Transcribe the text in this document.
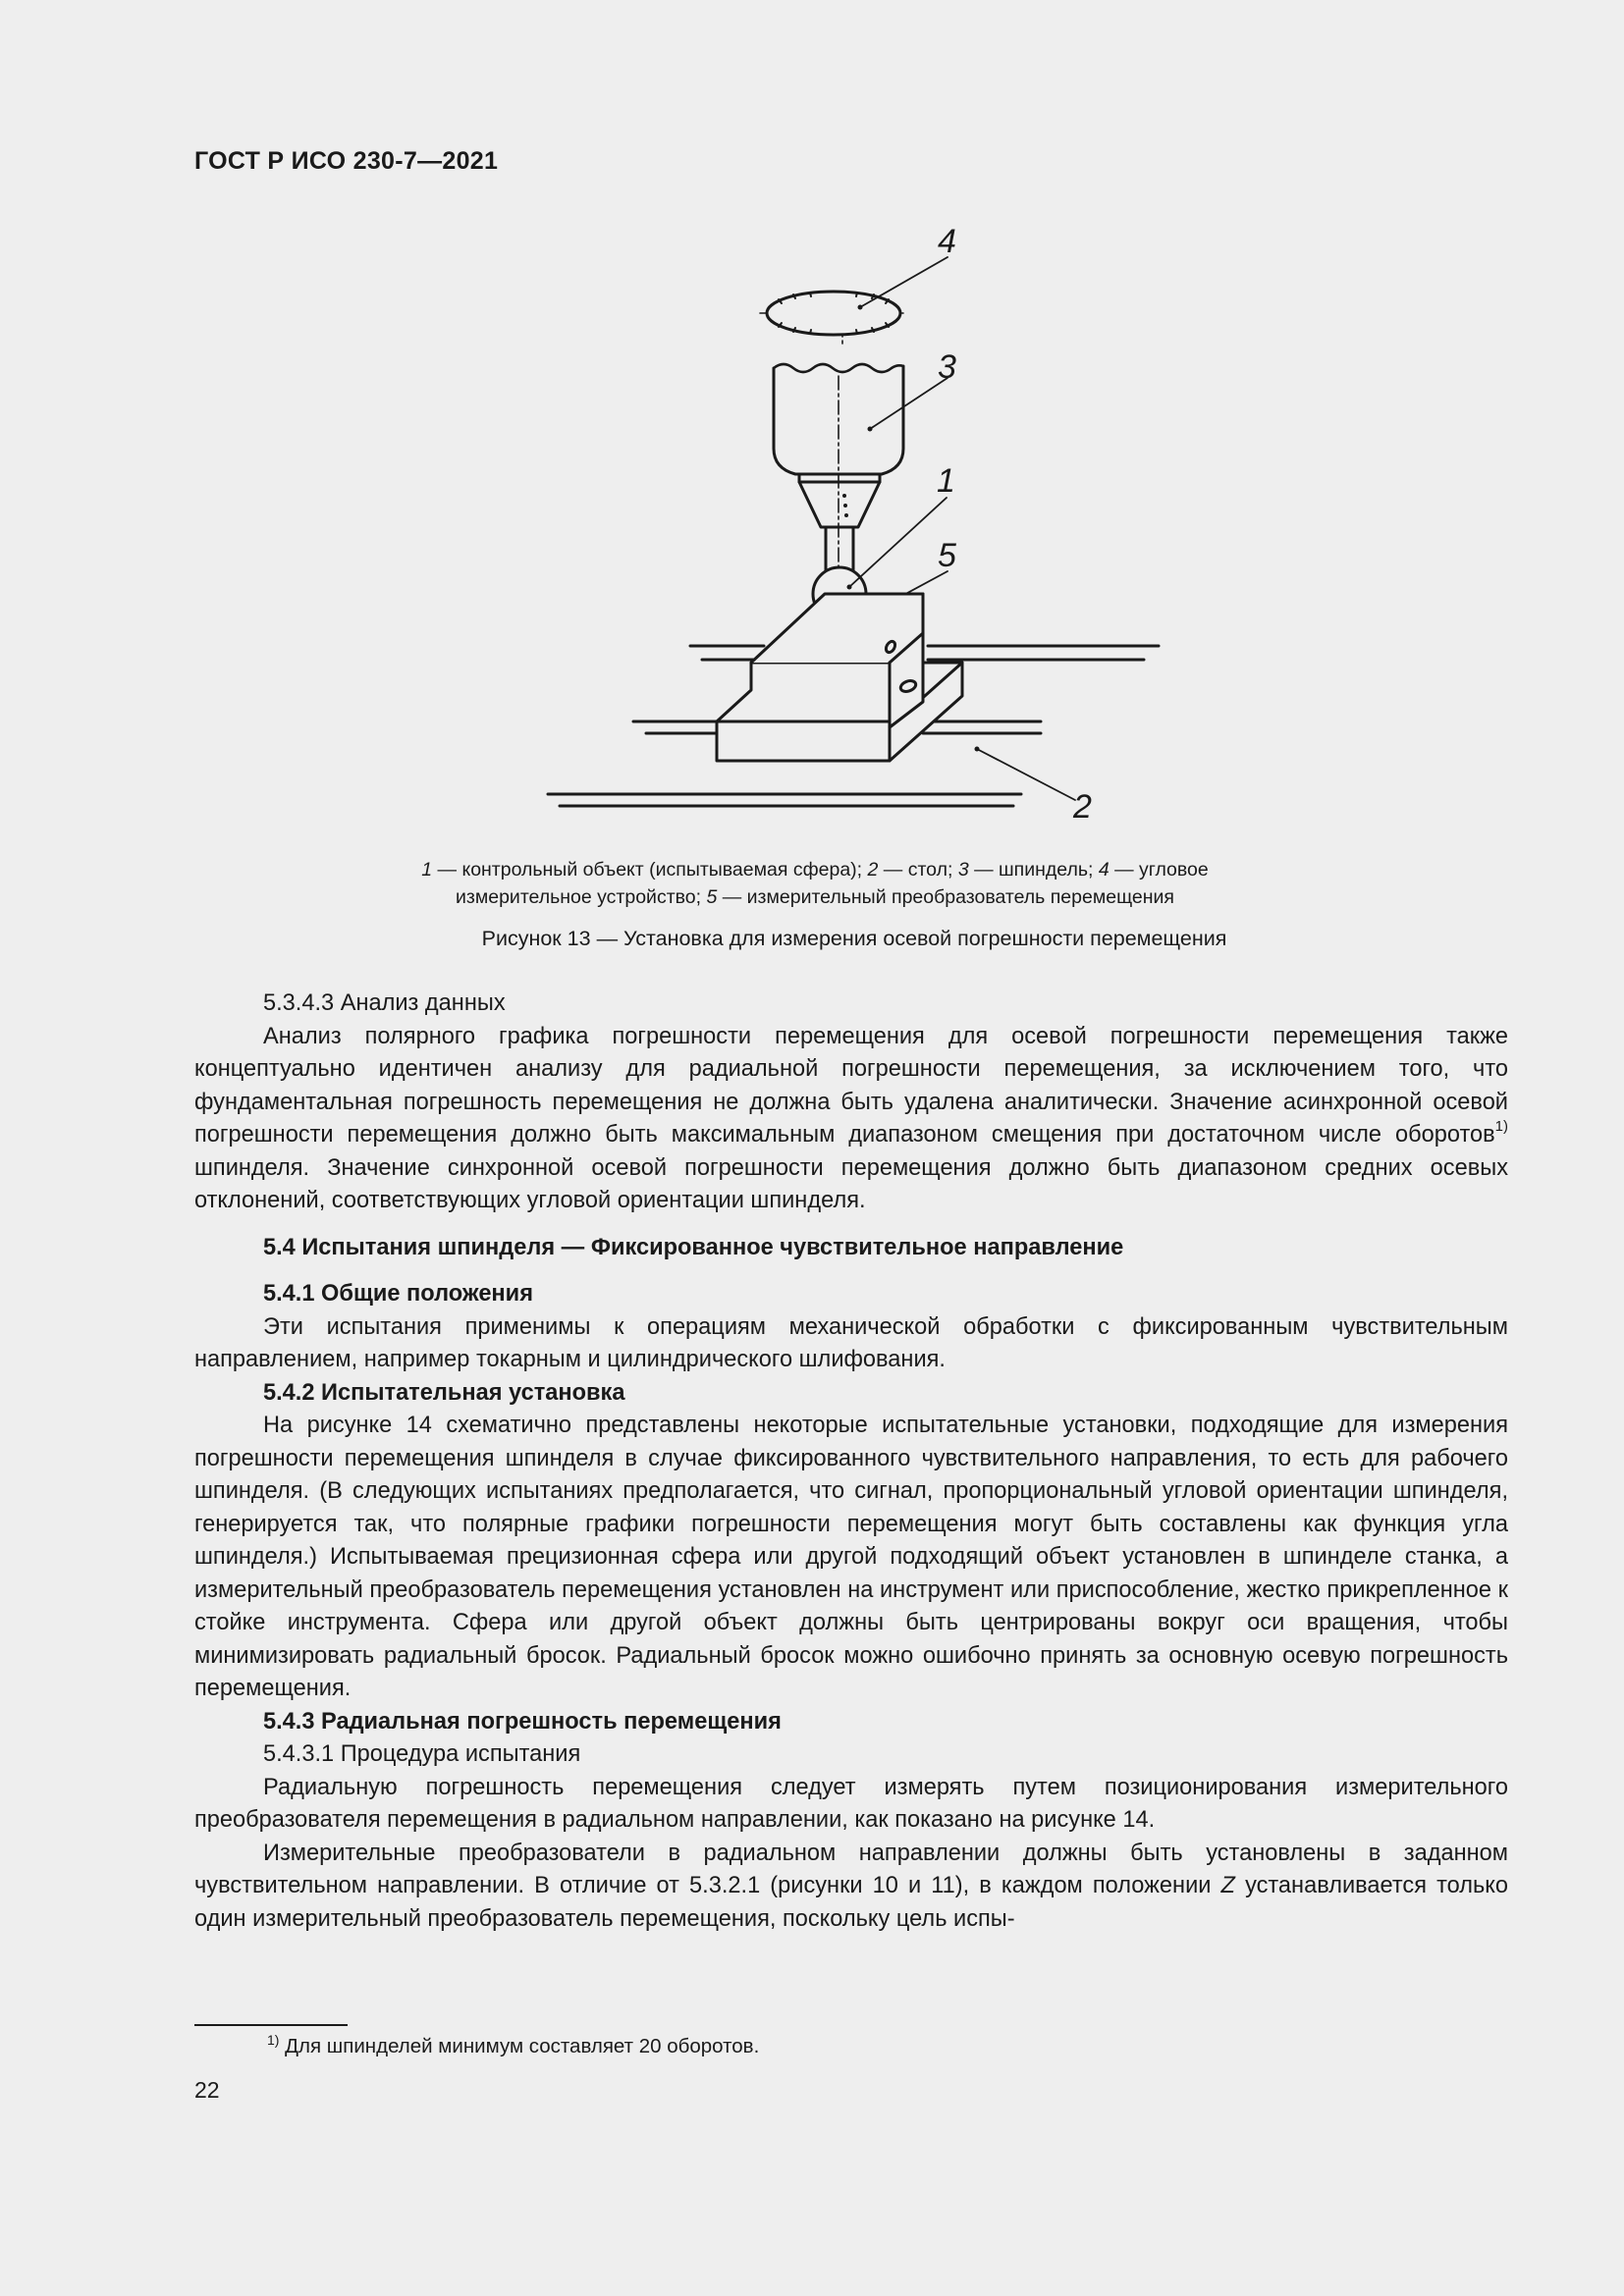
ГОСТ Р ИСО 230-7—2021
4
3
1
5
2
1 — контрольный объект (испытываемая сфера); 2 — стол; 3 — шпиндель; 4 — угловое
измерительное устройство; 5 — измерительный преобразователь перемещения
Рисунок 13 — Установка для измерения осевой погрешности перемещения

5.3.4.3 Анализ данных

Анализ полярного графика погрешности перемещения для осевой погрешности перемещения также концептуально идентичен анализу для радиальной погрешности перемещения, за исключением того, что фундаментальная погрешность перемещения не должна быть удалена аналитически. Значение асинхронной осевой погрешности перемещения должно быть максимальным диапазоном смещения при достаточном числе оборотов$^{1)}$ шпинделя. Значение синхронной осевой погрешности перемещения должно быть диапазоном средних осевых отклонений, соответствующих угловой ориентации шпинделя.

5.4 Испытания шпинделя — Фиксированное чувствительное направление

5.4.1 Общие положения

Эти испытания применимы к операциям механической обработки с фиксированным чувствительным направлением, например токарным и цилиндрического шлифования.

5.4.2 Испытательная установка

На рисунке 14 схематично представлены некоторые испытательные установки, подходящие для измерения погрешности перемещения шпинделя в случае фиксированного чувствительного направления, то есть для рабочего шпинделя. (В следующих испытаниях предполагается, что сигнал, пропорциональный угловой ориентации шпинделя, генерируется так, что полярные графики погрешности перемещения могут быть составлены как функция угла шпинделя.) Испытываемая прецизионная сфера или другой подходящий объект установлен в шпинделе станка, а измерительный преобразователь перемещения установлен на инструмент или приспособление, жестко прикрепленное к стойке инструмента. Сфера или другой объект должны быть центрированы вокруг оси вращения, чтобы минимизировать радиальный бросок. Радиальный бросок можно ошибочно принять за основную осевую погрешность перемещения.

5.4.3 Радиальная погрешность перемещения

5.4.3.1 Процедура испытания

Радиальную погрешность перемещения следует измерять путем позиционирования измерительного преобразователя перемещения в радиальном направлении, как показано на рисунке 14.

Измерительные преобразователи в радиальном направлении должны быть установлены в заданном чувствительном направлении. В отличие от 5.3.2.1 (рисунки 10 и 11), в каждом положении Z устанавливается только один измерительный преобразователь перемещения, поскольку цель испы-

$^{1)}$ Для шпинделей минимум составляет 20 оборотов.
22
